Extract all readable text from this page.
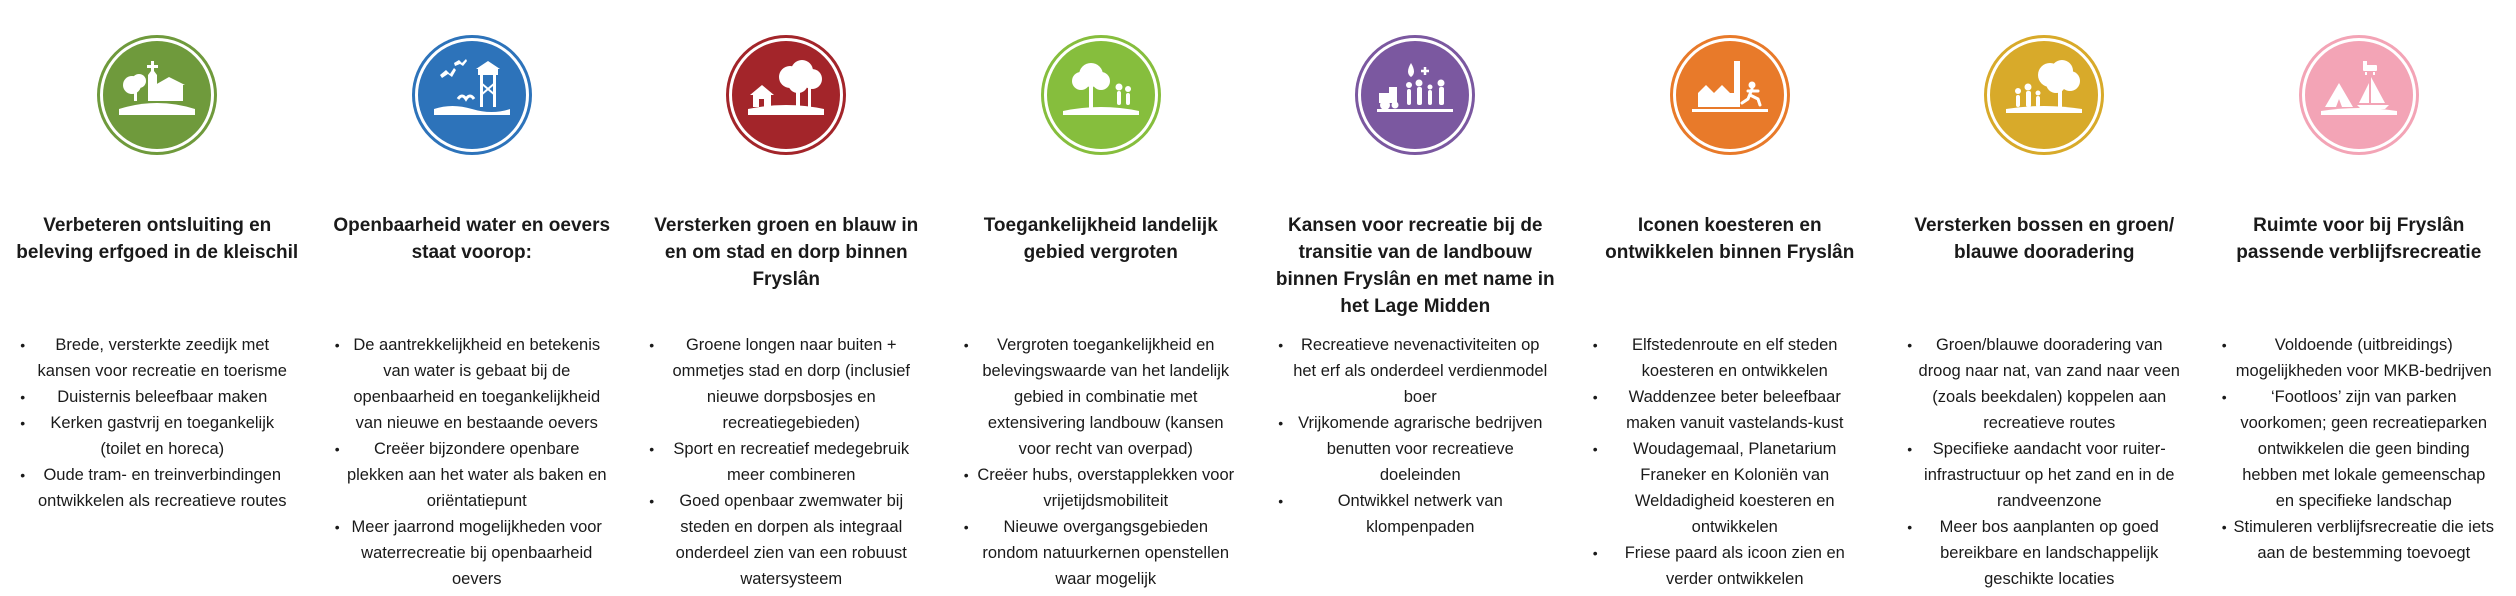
Verbeteren ontsluiting en beleving erfgoed in de kleischil
• Brede, versterkte zeedijk met kansen voor recreatie en toerisme
• Duisternis beleefbaar maken
• Kerken gastvrij en toegankelijk (toilet en horeca)
• Oude tram- en treinverbindingen ontwikkelen als recreatieve routes
Openbaarheid water en oevers staat voorop:
• De aantrekkelijkheid en betekenis van water is gebaat bij de openbaarheid en toegankelijkheid van nieuwe en bestaande oevers
• Creëer bijzondere openbare plekken aan het water als baken en oriëntatiepunt
• Meer jaarrond mogelijkheden voor waterrecreatie bij openbaarheid oevers
Versterken groen en blauw in en om stad en dorp binnen Fryslân
• Groene longen naar buiten + ommetjes stad en dorp (inclusief nieuwe dorpsbosjes en recreatiegebieden)
• Sport en recreatief medegebruik meer combineren
• Goed openbaar zwemwater bij steden en dorpen als integraal onderdeel zien van een robuust watersysteem
Toegankelijkheid landelijk gebied vergroten
• Vergroten toegankelijkheid en belevingswaarde van het landelijk gebied in combinatie met extensivering landbouw (kansen voor recht van overpad)
• Creëer hubs, overstapplekken voor vrijetijdsmobiliteit
• Nieuwe overgangsgebieden rondom natuurkernen openstellen waar mogelijk
Kansen voor recreatie bij de transitie van de landbouw binnen Fryslân en met name in het Lage Midden
• Recreatieve nevenactiviteiten op het erf als onderdeel verdienmodel boer
• Vrijkomende agrarische bedrijven benutten voor recreatieve doeleinden
• Ontwikkel netwerk van klompenpaden
Iconen koesteren en ontwikkelen binnen Fryslân
• Elfstedenroute en elf steden koesteren en ontwikkelen
• Waddenzee beter beleefbaar maken vanuit vastelands-kust
• Woudagemaal, Planetarium Franeker en Koloniën van Weldadigheid koesteren en ontwikkelen
• Friese paard als icoon zien en verder ontwikkelen
Versterken bossen en groen/ blauwe dooradering
• Groen/blauwe dooradering van droog naar nat, van zand naar veen (zoals beekdalen) koppelen aan recreatieve routes
• Specifieke aandacht voor ruiter-infrastructuur op het zand en in de randveenzone
• Meer bos aanplanten op goed bereikbare en landschappelijk geschikte locaties
Ruimte voor bij Fryslân passende verblijfsrecreatie
• Voldoende (uitbreidings) mogelijkheden voor MKB-bedrijven
• ‘Footloos’ zijn van parken voorkomen; geen recreatieparken ontwikkelen die geen binding hebben met lokale gemeenschap en specifieke landschap
• Stimuleren verblijfsrecreatie die iets aan de bestemming toevoegt
